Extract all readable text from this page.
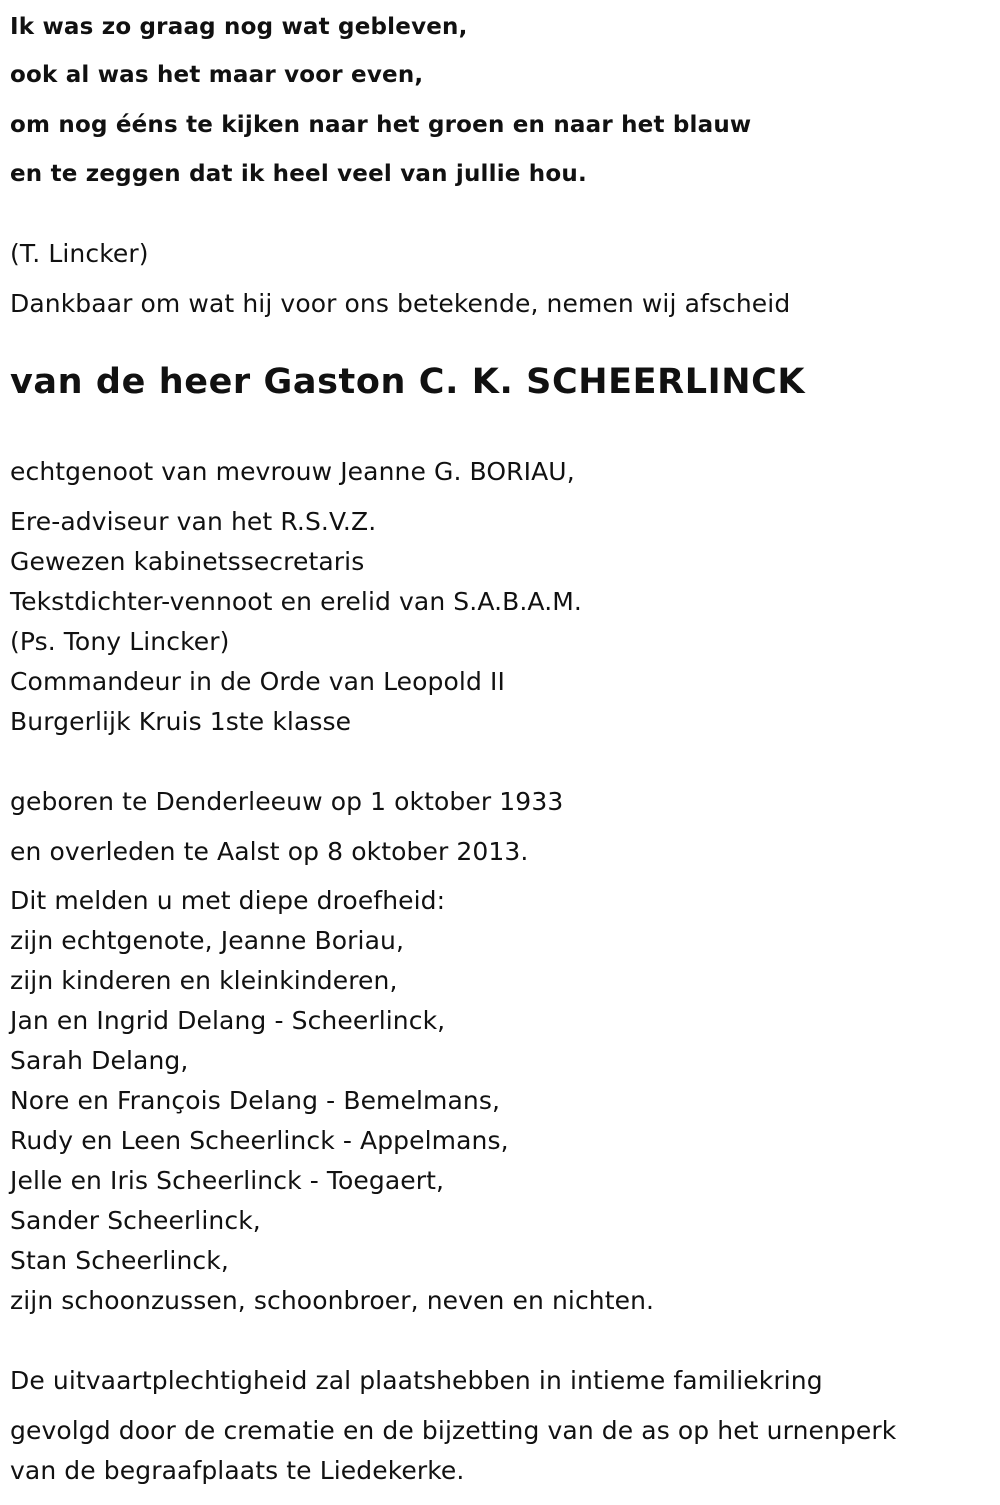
Ik was zo graag nog wat gebleven,
ook al was het maar voor even,
om nog ééns te kijken naar het groen en naar het blauw
en te zeggen dat ik heel veel van jullie hou.
(T. Lincker)
Dankbaar om wat hij voor ons betekende, nemen wij afscheid
van de heer Gaston C. K. SCHEERLINCK
echtgenoot van mevrouw Jeanne G. BORIAU,
Ere-adviseur van het R.S.V.Z.
Gewezen kabinetssecretaris
Tekstdichter-vennoot en erelid van S.A.B.A.M.
(Ps. Tony Lincker)
Commandeur in de Orde van Leopold II
Burgerlijk Kruis 1ste klasse
geboren te Denderleeuw op 1 oktober 1933
en overleden te Aalst op 8 oktober 2013.
Dit melden u met diepe droefheid:
zijn echtgenote, Jeanne Boriau,
zijn kinderen en kleinkinderen,
Jan en Ingrid Delang - Scheerlinck,
Sarah Delang,
Nore en François Delang - Bemelmans,
Rudy en Leen Scheerlinck - Appelmans,
Jelle en Iris Scheerlinck - Toegaert,
Sander Scheerlinck,
Stan Scheerlinck,
zijn schoonzussen, schoonbroer, neven en nichten.
De uitvaartplechtigheid zal plaatshebben in intieme familiekring
gevolgd door de crematie en de bijzetting van de as op het urnenperk
van de begraafplaats te Liedekerke.
